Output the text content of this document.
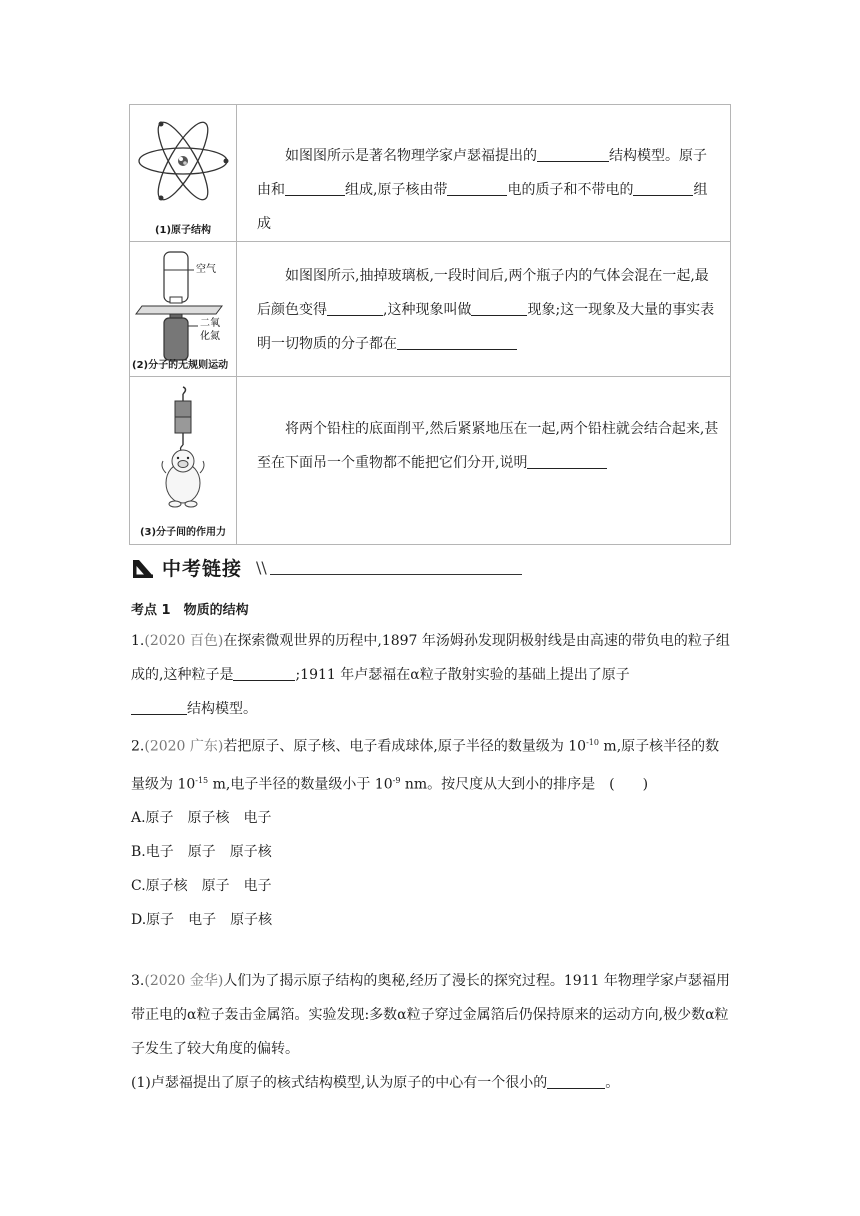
(1)原子结构	如图图所示是著名物理学家卢瑟福提出的 结构模型。原子由和 组成,原子核由带 电的质子和不带电的 组成

空气
二氧
化氮
(2)分子的无规则运动	如图图所示,抽掉玻璃板,一段时间后,两个瓶子内的气体会混在一起,最后颜色变得 ,这种现象叫做 现象;这一现象及大量的事实表明一切物质的分子都在

(3)分子间的作用力	将两个铅柱的底面削平,然后紧紧地压在一起,两个铅柱就会结合起来,甚至在下面吊一个重物都不能把它们分开,说明
中考链接 \\
考点 1　物质的结构
1.(2020 百色)在探索微观世界的历程中,1897 年汤姆孙发现阴极射线是由高速的带负电的粒子组成的,这种粒子是	;1911 年卢瑟福在α粒子散射实验的基础上提出了原子
结构模型。
2.(2020 广东)若把原子、原子核、电子看成球体,原子半径的数量级为 $10^{-10}$ m,原子核半径的数量级为 $10^{-15}$ m,电子半径的数量级小于 $10^{-9}$ nm。按尺度从大到小的排序是　 (　　)
A.原子　原子核　电子
B.电子　原子　原子核
C.原子核　原子　电子
D.原子　电子　原子核
3.(2020 金华)人们为了揭示原子结构的奥秘,经历了漫长的探究过程。1911 年物理学家卢瑟福用带正电的α粒子轰击金属箔。实验发现:多数α粒子穿过金属箔后仍保持原来的运动方向,极少数α粒子发生了较大角度的偏转。
(1)卢瑟福提出了原子的核式结构模型,认为原子的中心有一个很小的	。
